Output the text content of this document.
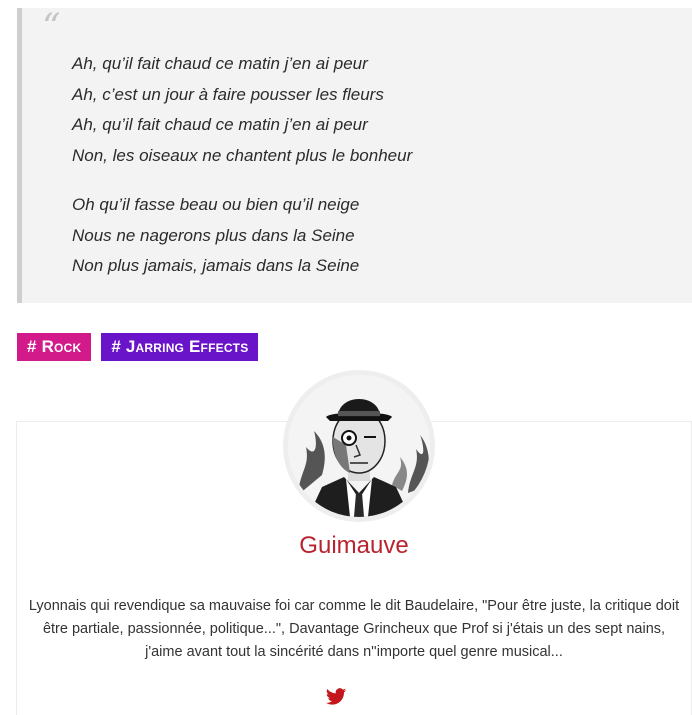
“
Ah, qu’il fait chaud ce matin j’en ai peur
Ah, c’est un jour à faire pousser les fleurs
Ah, qu’il fait chaud ce matin j’en ai peur
Non, les oiseaux ne chantent plus le bonheur
Oh qu’il fasse beau ou bien qu’il neige
Nous ne nagerons plus dans la Seine
Non plus jamais, jamais dans la Seine
# Rock	# Jarring Effects
Guimauve
Lyonnais qui revendique sa mauvaise foi car comme le dit Baudelaire, "Pour être juste, la critique doit être partiale, passionnée, politique...", Davantage Grincheux que Prof si j'étais un des sept nains, j'aime avant tout la sincérité dans n''importe quel genre musical...
